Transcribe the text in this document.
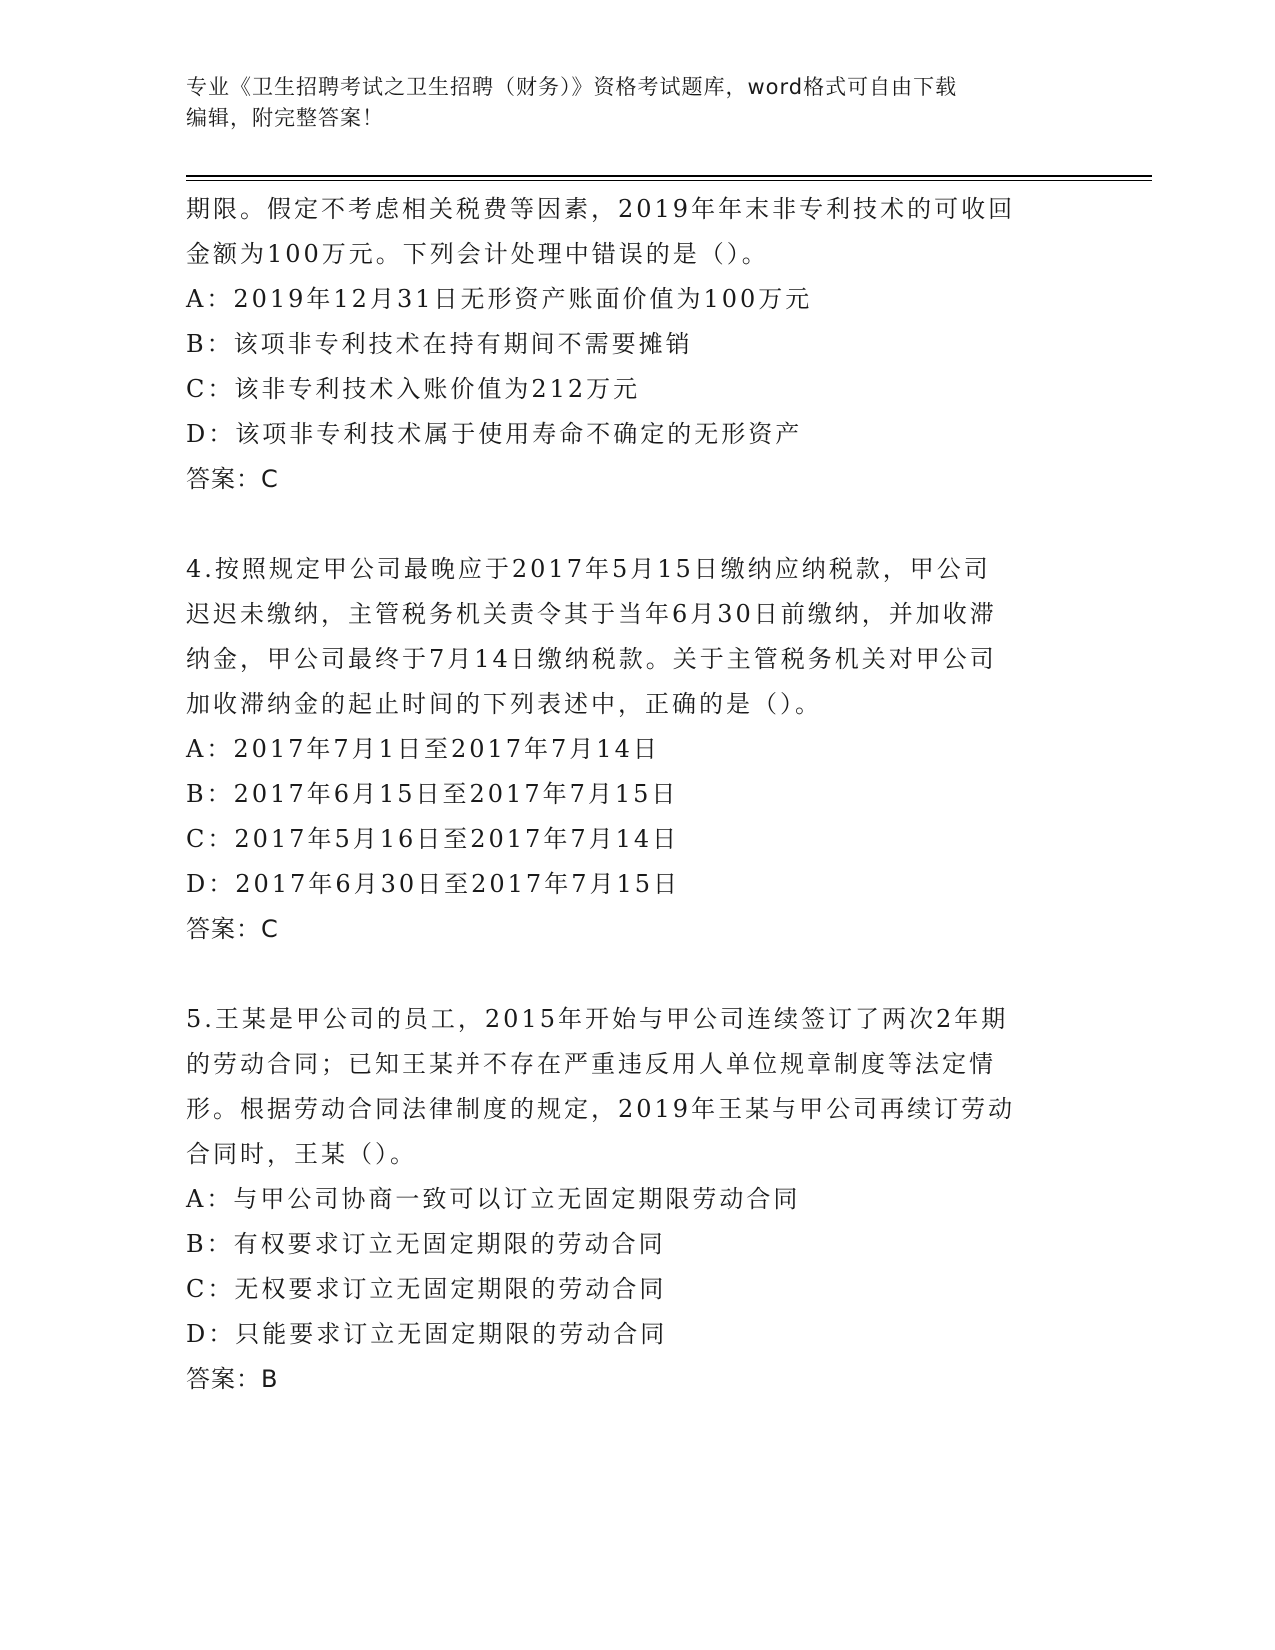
专业《卫生招聘考试之卫生招聘（财务）》资格考试题库，word格式可自由下载
编辑，附完整答案！
期限。假定不考虑相关税费等因素，2019年年末非专利技术的可收回
金额为100万元。下列会计处理中错误的是（）。
A：2019年12月31日无形资产账面价值为100万元
B：该项非专利技术在持有期间不需要摊销
C：该非专利技术入账价值为212万元
D：该项非专利技术属于使用寿命不确定的无形资产
答案：C
4.按照规定甲公司最晚应于2017年5月15日缴纳应纳税款，甲公司
迟迟未缴纳，主管税务机关责令其于当年6月30日前缴纳，并加收滞
纳金，甲公司最终于7月14日缴纳税款。关于主管税务机关对甲公司
加收滞纳金的起止时间的下列表述中，正确的是（）。
A：2017年7月1日至2017年7月14日
B：2017年6月15日至2017年7月15日
C：2017年5月16日至2017年7月14日
D：2017年6月30日至2017年7月15日
答案：C
5.王某是甲公司的员工，2015年开始与甲公司连续签订了两次2年期
的劳动合同；已知王某并不存在严重违反用人单位规章制度等法定情
形。根据劳动合同法律制度的规定，2019年王某与甲公司再续订劳动
合同时，王某（）。
A：与甲公司协商一致可以订立无固定期限劳动合同
B：有权要求订立无固定期限的劳动合同
C：无权要求订立无固定期限的劳动合同
D：只能要求订立无固定期限的劳动合同
答案：B
